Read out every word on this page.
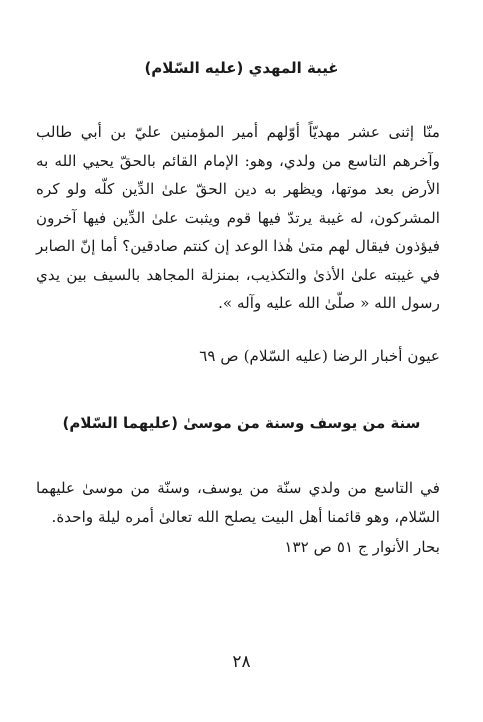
غيبة المهدي (عليه السّلام)

منّا إثنى عشر مهديّاً أوّلهم أمير المؤمنين عليّ بن أبي طالب وآخرهم التاسع من ولدي، وهو: الإمام القائم بالحقّ يحيي الله به الأرض بعد موتها، ويظهر به دين الحقّ علىٰ الدِّين كلّه ولو كره المشركون، له غيبة يرتدّ فيها قوم ويثبت علىٰ الدِّين فيها آخرون فيؤذون فيقال لهم متىٰ هٰذا الوعد إن كنتم صادقين؟ أما إنّ الصابر في غيبته علىٰ الأذىٰ والتكذيب، بمنزلة المجاهد بالسيف بين يدي رسول الله « صلّىٰ الله عليه وآله ».

عيون أخبار الرضا (عليه السّلام) ص ٦٩

سنة من يوسف وسنة من موسىٰ (عليهما السّلام)

في التاسع من ولدي سنّة من يوسف، وسنّة من موسىٰ عليهما السّلام، وهو قائمنا أهل البيت يصلح الله تعالىٰ أمره ليلة واحدة.

بحار الأنوار ج ٥١ ص ١٣٢

٢٨
